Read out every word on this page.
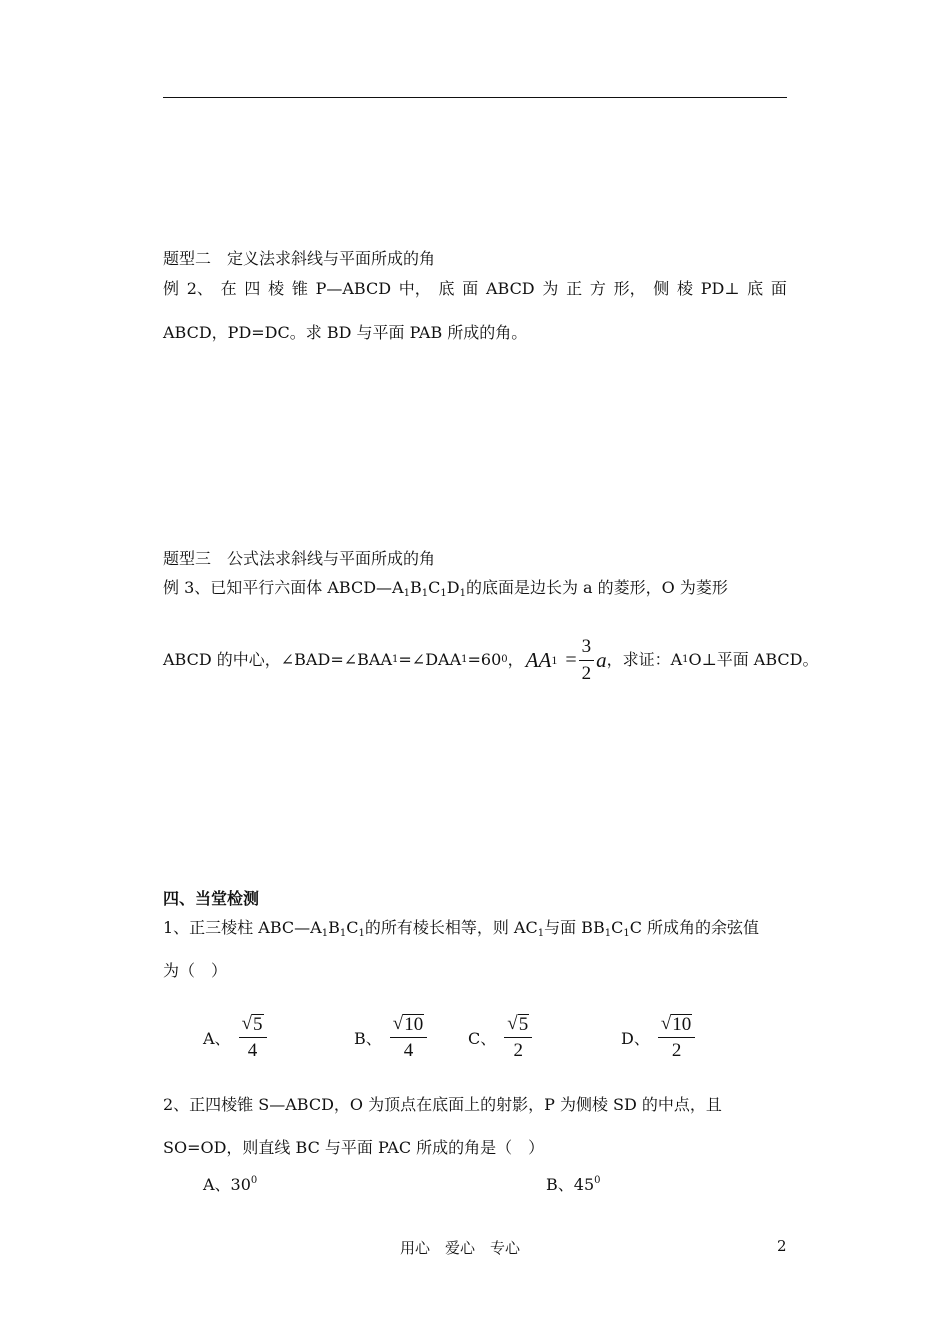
题型二　定义法求斜线与平面所成的角
例 2、 在 四 棱 锥 P—ABCD 中， 底 面 ABCD 为 正 方 形， 侧 棱 PD⊥ 底 面
ABCD，PD=DC。求 BD 与平面 PAB 所成的角。
题型三　公式法求斜线与平面所成的角
例 3、已知平行六面体 $ABCD—A_1B_1C_1D_1$的底面是边长为 a 的菱形，O 为菱形
ABCD 的中心，∠BAD=∠BAA 1 =∠DAA 1 =60 0 ， AA $1 = \frac{3}{2}$ a ，求证：A 1 O⊥平面 ABCD。
四、当堂检测
1、正三棱柱 $ABC—A_1B_1C_1$的所有棱长相等，则 $AC_1$与面 $BB_1C_1C$ 所成角的余弦值
为（　）
A、 $\frac{√ 5}{4}$	B、 $\frac{√ 10}{4}$	C、 $\frac{√ 5}{2}$	D、 $\frac{√ 10}{2}$
2、正四棱锥 S—ABCD，O 为顶点在底面上的射影，P 为侧棱 SD 的中点，且
SO=OD，则直线 BC 与平面 PAC 所成的角是（　）
A、$30^0$	B、$45^0$
用心　爱心　专心	2
